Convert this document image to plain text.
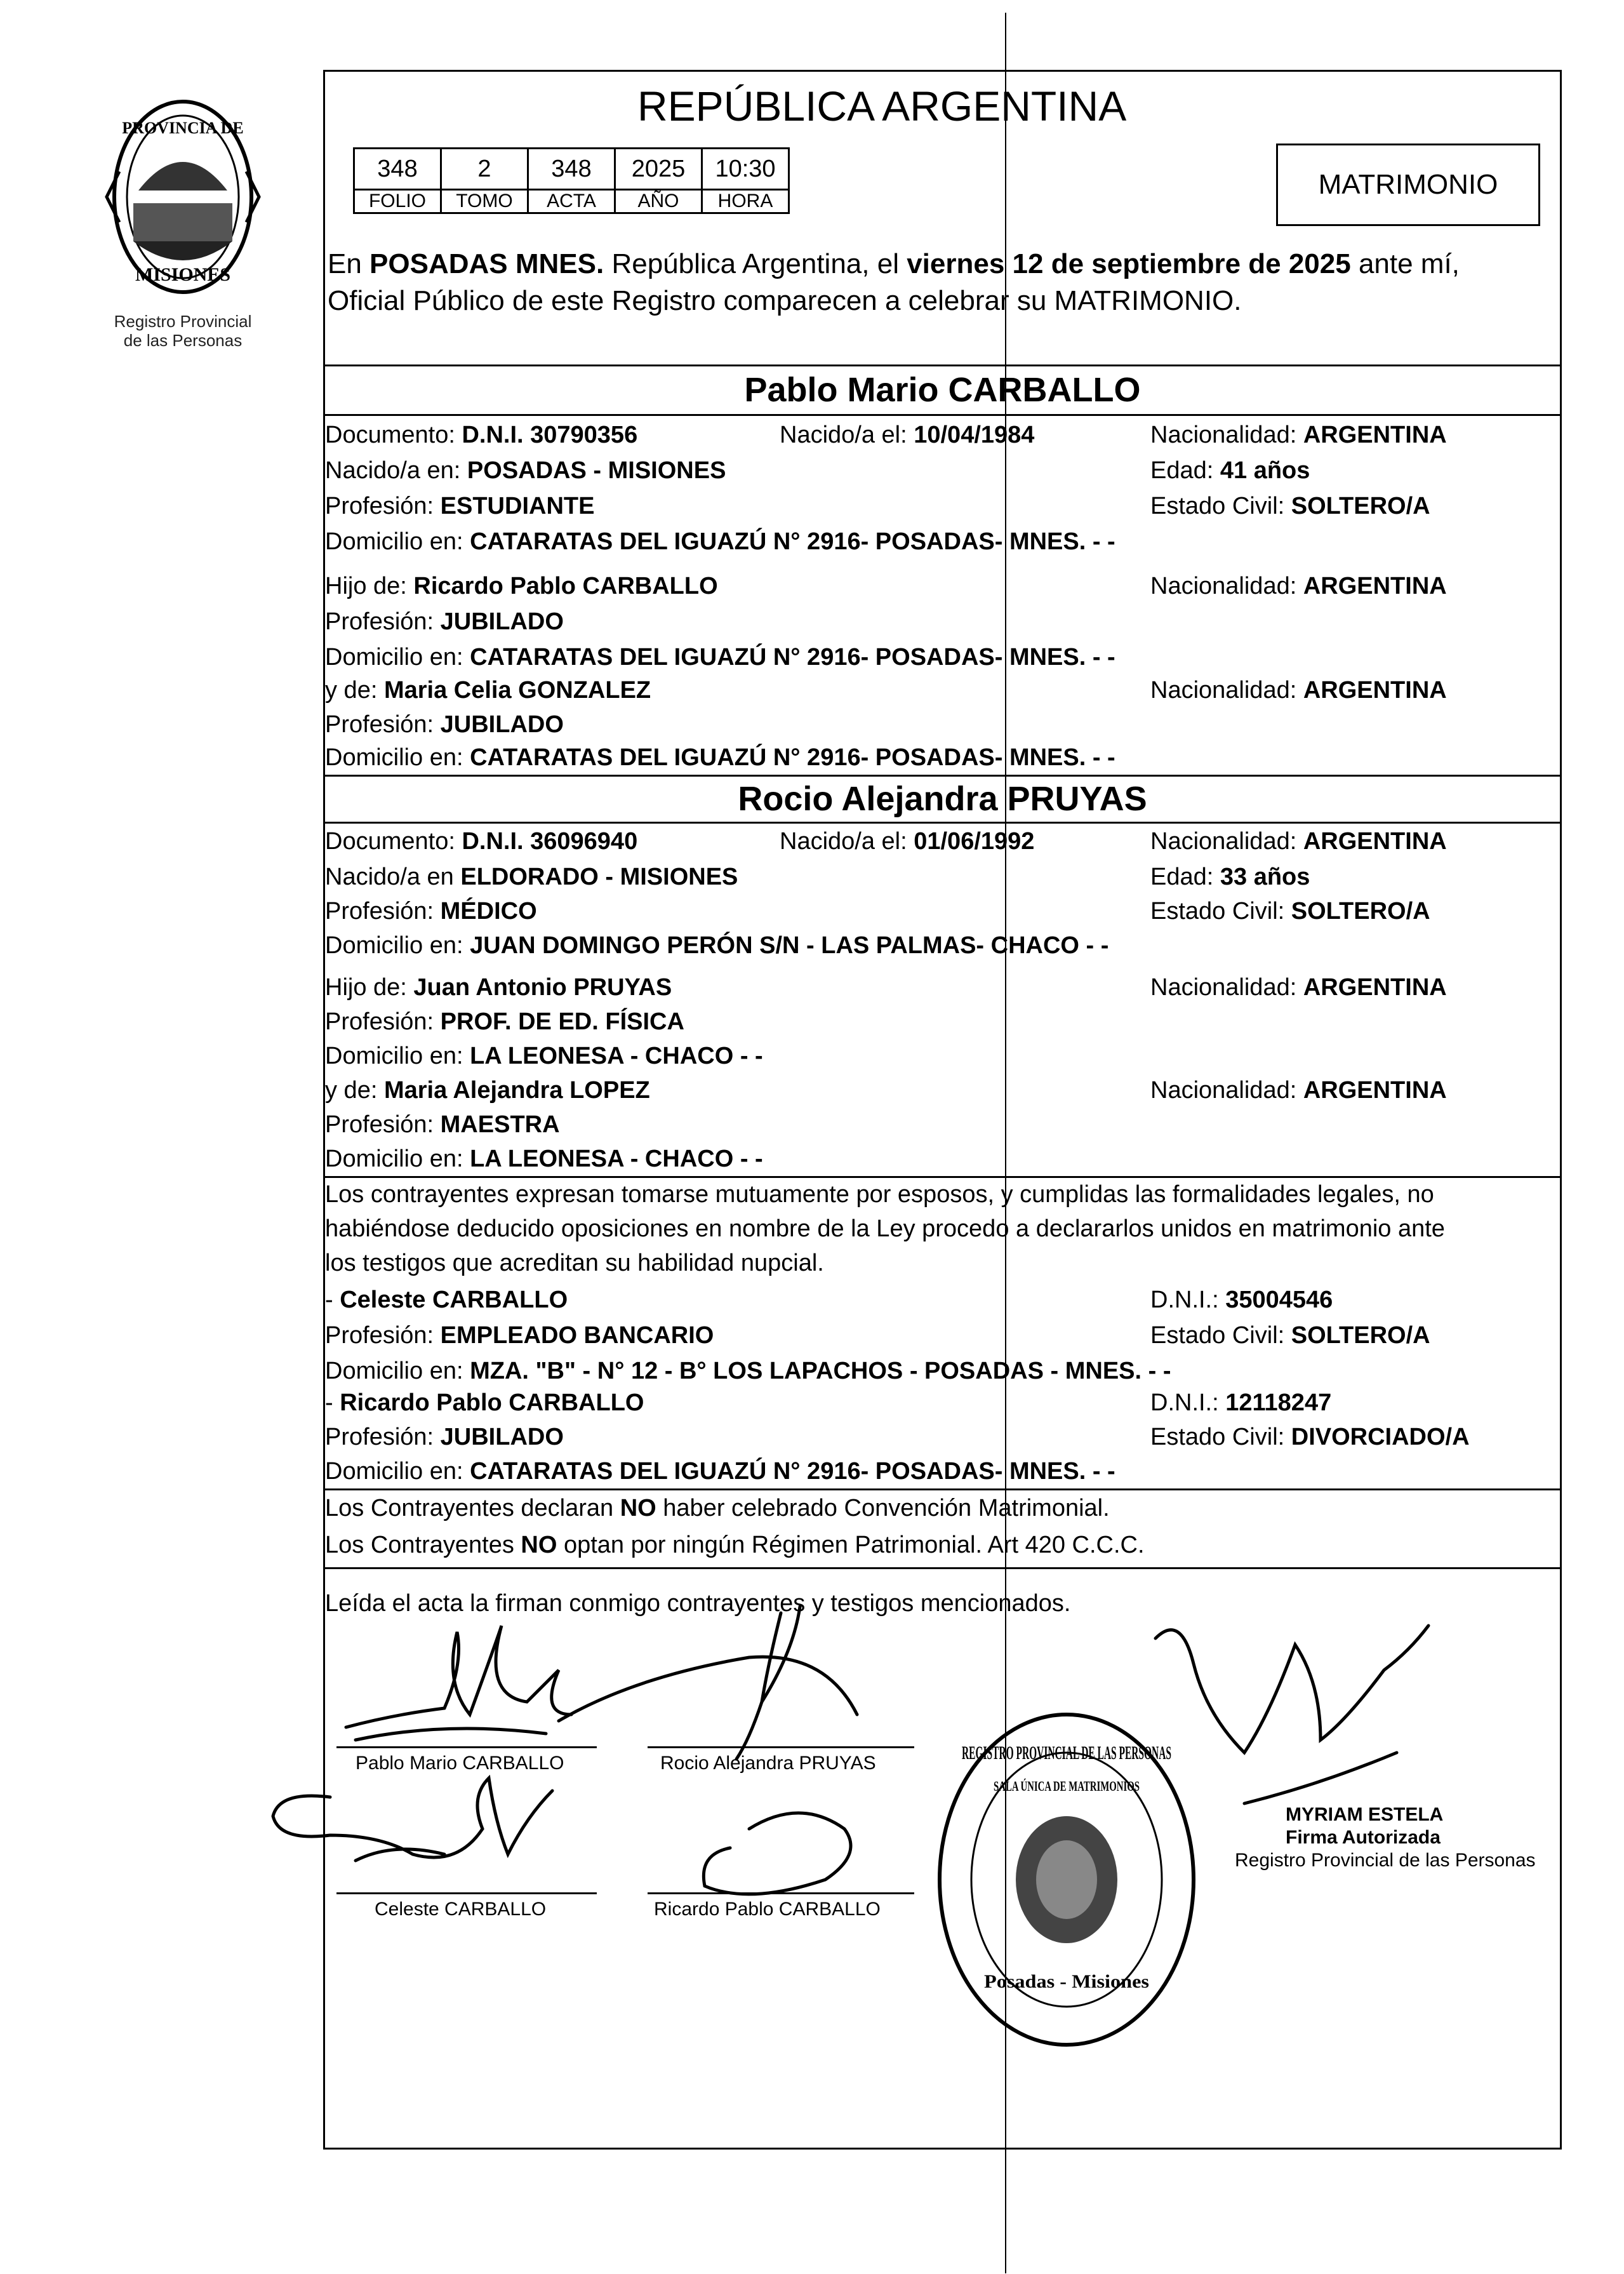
PROVINCIA DE
MISIONES
Registro Provincial
de las Personas
REPÚBLICA ARGENTINA
348	2	348	2025	10:30
FOLIO	TOMO	ACTA	AÑO	HORA
MATRIMONIO
En POSADAS MNES. República Argentina, el viernes 12 de septiembre de 2025 ante mí,
Oficial Público de este Registro comparecen a celebrar su MATRIMONIO.
Pablo Mario CARBALLO
Documento: D.N.I. 30790356	Nacido/a el: 10/04/1984	Nacionalidad: ARGENTINA
Nacido/a en: POSADAS - MISIONES	Edad: 41 años
Profesión: ESTUDIANTE	Estado Civil: SOLTERO/A
Domicilio en: CATARATAS DEL IGUAZÚ N° 2916- POSADAS- MNES. - -
Hijo de: Ricardo Pablo CARBALLO	Nacionalidad: ARGENTINA
Profesión: JUBILADO
Domicilio en: CATARATAS DEL IGUAZÚ N° 2916- POSADAS- MNES. - -
y de: Maria Celia GONZALEZ	Nacionalidad: ARGENTINA
Profesión: JUBILADO
Domicilio en: CATARATAS DEL IGUAZÚ N° 2916- POSADAS- MNES. - -
Rocio Alejandra PRUYAS
Documento: D.N.I. 36096940	Nacido/a el: 01/06/1992	Nacionalidad: ARGENTINA
Nacido/a en ELDORADO - MISIONES	Edad: 33 años
Profesión: MÉDICO	Estado Civil: SOLTERO/A
Domicilio en: JUAN DOMINGO PERÓN S/N - LAS PALMAS- CHACO - -
Hijo de: Juan Antonio PRUYAS	Nacionalidad: ARGENTINA
Profesión: PROF. DE ED. FÍSICA
Domicilio en: LA LEONESA - CHACO - -
y de: Maria Alejandra LOPEZ	Nacionalidad: ARGENTINA
Profesión: MAESTRA
Domicilio en: LA LEONESA - CHACO - -
Los contrayentes expresan tomarse mutuamente por esposos, y cumplidas las formalidades legales, no
habiéndose deducido oposiciones en nombre de la Ley procedo a declararlos unidos en matrimonio ante
los testigos que acreditan su habilidad nupcial.
- Celeste CARBALLO	D.N.I.: 35004546
Profesión: EMPLEADO BANCARIO	Estado Civil: SOLTERO/A
Domicilio en: MZA. "B" - N° 12 - B° LOS LAPACHOS - POSADAS - MNES. - -
- Ricardo Pablo CARBALLO	D.N.I.: 12118247
Profesión: JUBILADO	Estado Civil: DIVORCIADO/A
Domicilio en: CATARATAS DEL IGUAZÚ N° 2916- POSADAS- MNES. - -
Los Contrayentes declaran NO haber celebrado Convención Matrimonial.
Los Contrayentes NO optan por ningún Régimen Patrimonial. Art 420 C.C.C.
Leída el acta la firman conmigo contrayentes y testigos mencionados.
Pablo Mario CARBALLO	Rocio Alejandra PRUYAS
Celeste CARBALLO	Ricardo Pablo CARBALLO
REGISTRO PROVINCIAL DE LAS PERSONAS
SALA ÚNICA DE MATRIMONIOS
Posadas - Misiones
MYRIAM ESTELA
Firma Autorizada
Registro Provincial de las Personas
